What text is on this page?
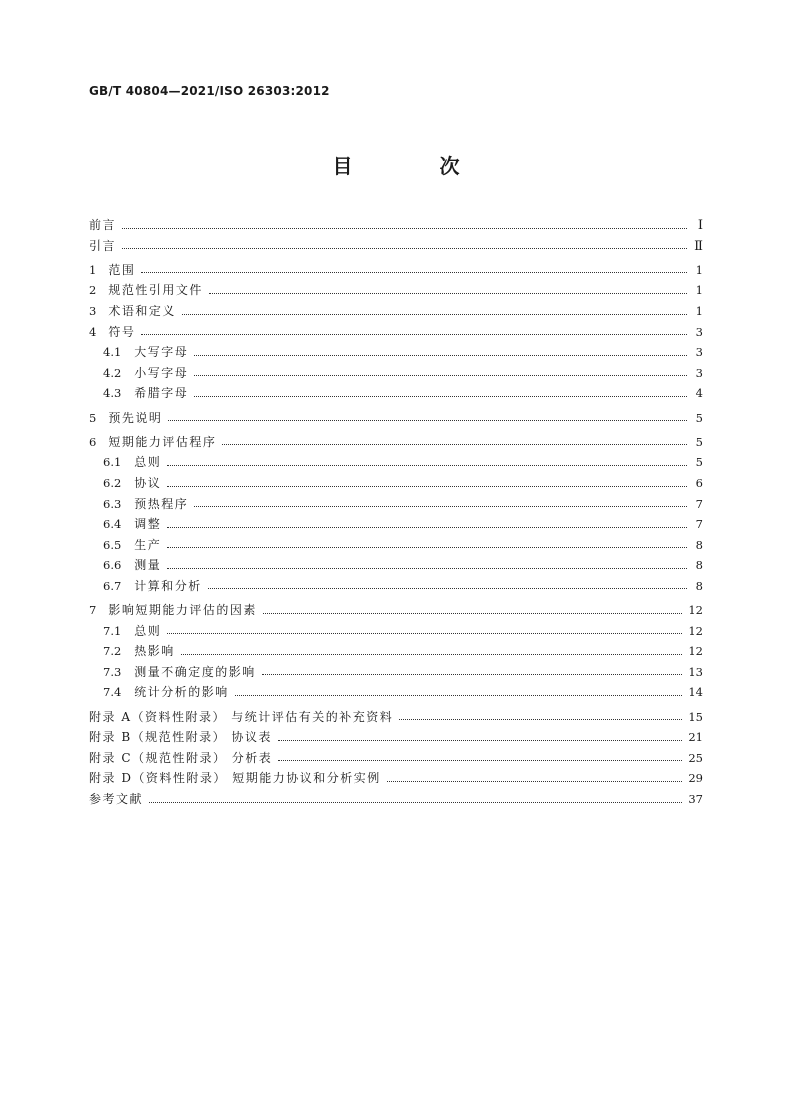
GB/T 40804—2021/ISO 26303:2012
目 次
前言	Ⅰ
引言	Ⅱ
1 范围	1
2 规范性引用文件	1
3 术语和定义	1
4 符号	3
4.1 大写字母	3
4.2 小写字母	3
4.3 希腊字母	4
5 预先说明	5
6 短期能力评估程序	5
6.1 总则	5
6.2 协议	6
6.3 预热程序	7
6.4 调整	7
6.5 生产	8
6.6 测量	8
6.7 计算和分析	8
7 影响短期能力评估的因素	12
7.1 总则	12
7.2 热影响	12
7.3 测量不确定度的影响	13
7.4 统计分析的影响	14
附录 A（资料性附录） 与统计评估有关的补充资料	15
附录 B（规范性附录） 协议表	21
附录 C（规范性附录） 分析表	25
附录 D（资料性附录） 短期能力协议和分析实例	29
参考文献	37
